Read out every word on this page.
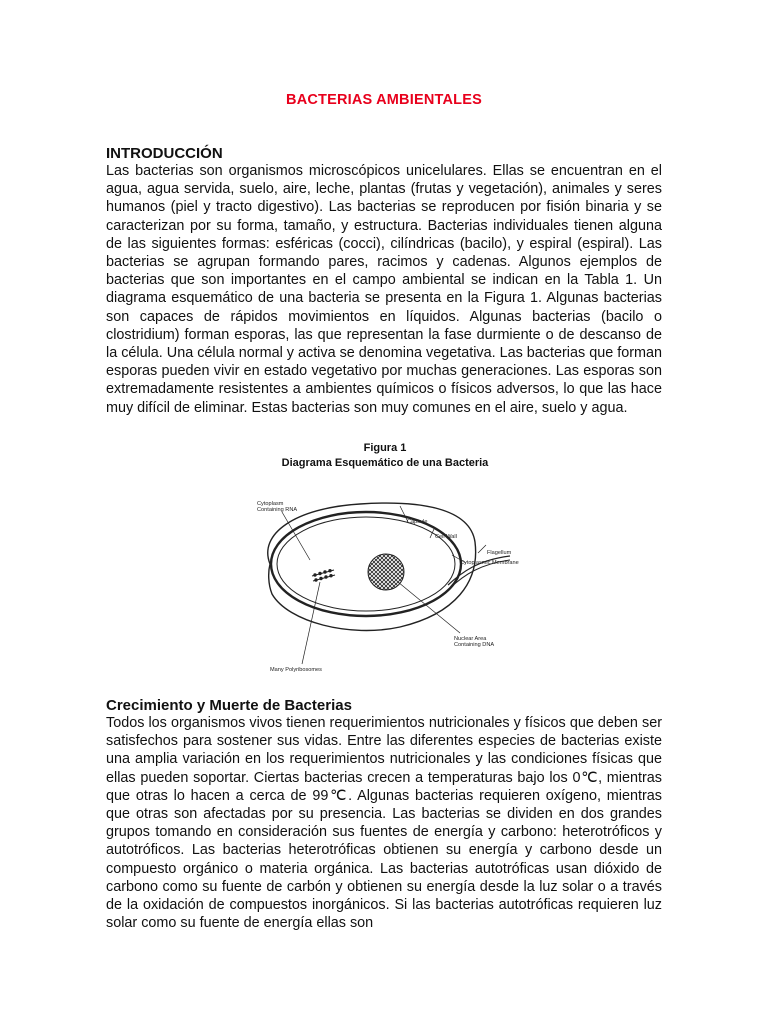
BACTERIAS AMBIENTALES
INTRODUCCIÓN

Las bacterias son organismos microscópicos unicelulares. Ellas se encuentran en el agua, agua servida, suelo, aire, leche, plantas (frutas y vegetación), animales y seres humanos (piel y tracto digestivo). Las bacterias se reproducen por fisión binaria y se caracterizan por su forma, tamaño, y estructura. Bacterias individuales tienen alguna de las siguientes formas: esféricas (cocci), cilíndricas (bacilo), y espiral (espiral). Las bacterias se agrupan formando pares, racimos y cadenas. Algunos ejemplos de bacterias que son importantes en el campo ambiental se indican en la Tabla 1. Un diagrama esquemático de una bacteria se presenta en la Figura 1. Algunas bacterias son capaces de rápidos movimientos en líquidos. Algunas bacterias (bacilo o clostridium) forman esporas, las que representan la fase durmiente o de descanso de la célula. Una célula normal y activa se denomina vegetativa. Las bacterias que forman esporas pueden vivir en estado vegetativo por muchas generaciones. Las esporas son extremadamente resistentes a ambientes químicos o físicos adversos, lo que las hace muy difícil de eliminar. Estas bacterias son muy comunes en el aire, suelo y agua.

Figura 1
Diagrama Esquemático de una Bacteria
Cytoplasm
Containing RNA
Capsule
Cell Wall
Cytoplasmic Membrane
Flagellum
Nuclear Area
Containing DNA
Many Polyribosomes
Crecimiento y Muerte de Bacterias

Todos los organismos vivos tienen requerimientos nutricionales y físicos que deben ser satisfechos para sostener sus vidas. Entre las diferentes especies de bacterias existe una amplia variación en los requerimientos nutricionales y las condiciones físicas que ellas pueden soportar. Ciertas bacterias crecen a temperaturas bajo los 0℃, mientras que otras lo hacen a cerca de 99℃. Algunas bacterias requieren oxígeno, mientras que otras son afectadas por su presencia. Las bacterias se dividen en dos grandes grupos tomando en consideración sus fuentes de energía y carbono: heterotróficos y autotróficos. Las bacterias heterotróficas obtienen su energía y carbono desde un compuesto orgánico o materia orgánica. Las bacterias autotróficas usan dióxido de carbono como su fuente de carbón y obtienen su energía desde la luz solar o a través de la oxidación de compuestos inorgánicos. Si las bacterias autotróficas requieren luz solar como su fuente de energía ellas son
